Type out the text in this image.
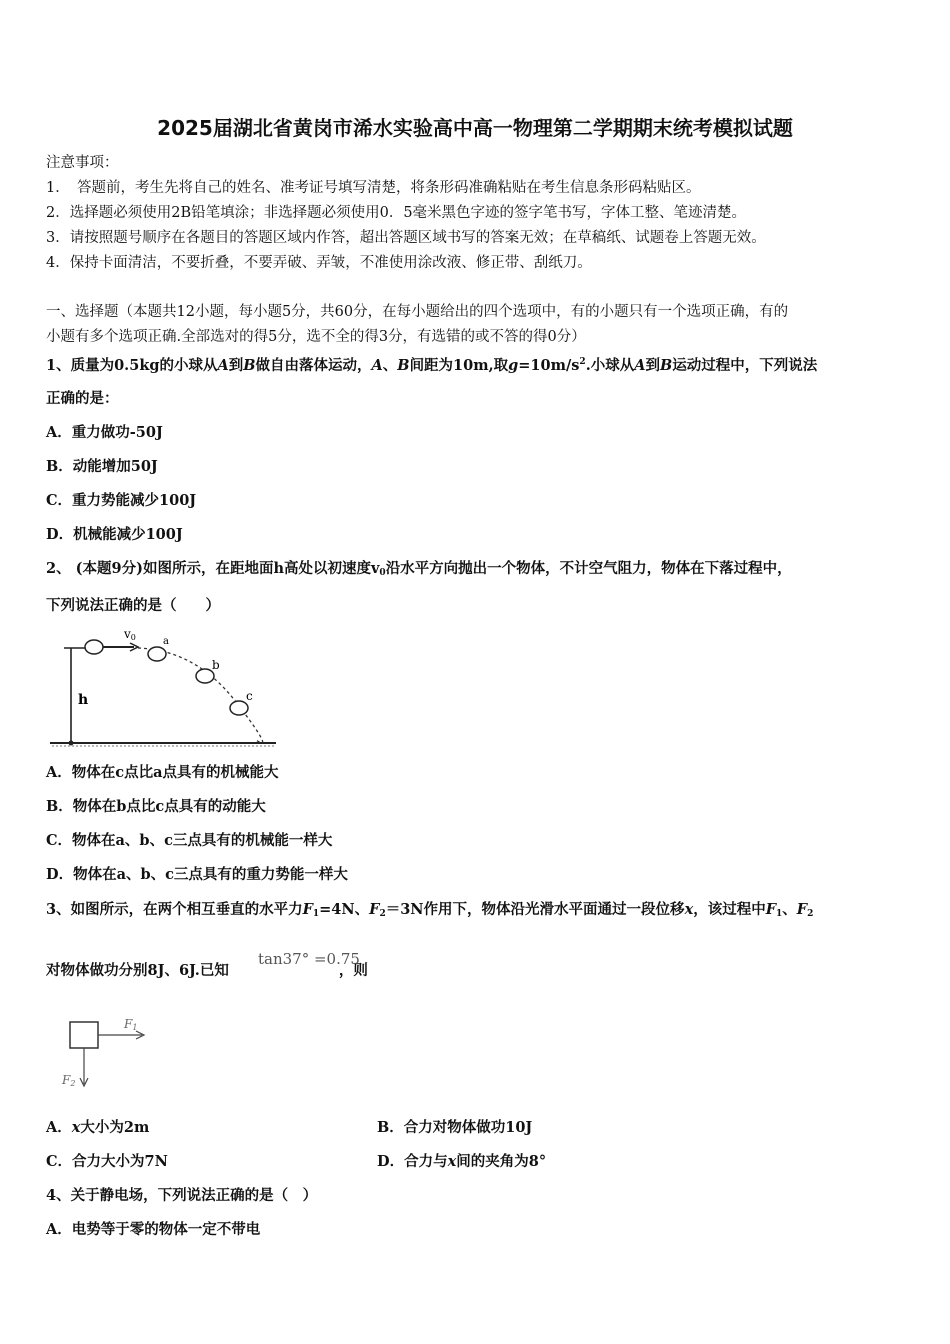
2025届湖北省黄岗市浠水实验高中高一物理第二学期期末统考模拟试题
注意事项：
1．　答题前，考生先将自己的姓名、准考证号填写清楚，将条形码准确粘贴在考生信息条形码粘贴区。
2．选择题必须使用2B铅笔填涂；非选择题必须使用0．5毫米黑色字迹的签字笔书写，字体工整、笔迹清楚。
3．请按照题号顺序在各题目的答题区域内作答，超出答题区域书写的答案无效；在草稿纸、试题卷上答题无效。
4．保持卡面清洁，不要折叠，不要弄破、弄皱，不准使用涂改液、修正带、刮纸刀。
一、选择题（本题共12小题，每小题5分，共60分，在每小题给出的四个选项中，有的小题只有一个选项正确，有的
小题有多个选项正确.全部选对的得5分，选不全的得3分，有选错的或不答的得0分）
1、质量为0.5kg的小球从A到B做自由落体运动，A、B间距为10m,取$g=10m/s^2$.小球从A到B运动过程中，下列说法
正确的是：
A．重力做功-50J
B．动能增加50J
C．重力势能减少100J
D．机械能减少100J
2、 (本题9分)如图所示，在距地面h高处以初速度$v_0$沿水平方向抛出一个物体，不计空气阻力，物体在下落过程中，
下列说法正确的是（　　）
h
v0	a
b
c
A．物体在c点比a点具有的机械能大
B．物体在b点比c点具有的动能大
C．物体在a、b、c三点具有的机械能一样大
D．物体在a、b、c三点具有的重力势能一样大
3、如图所示，在两个相互垂直的水平力$F_1=4N$、$F_2=3N$作用下，物体沿光滑水平面通过一段位移x，该过程中$F_1$、$F_2$
对物体做功分别8J、6J.已知	，则
tan37° =0.75
F1
F2
A．x大小为2m	B．合力对物体做功10J
C．合力大小为7N	D．合力与x间的夹角为8°
4、关于静电场，下列说法正确的是（　）
A．电势等于零的物体一定不带电
